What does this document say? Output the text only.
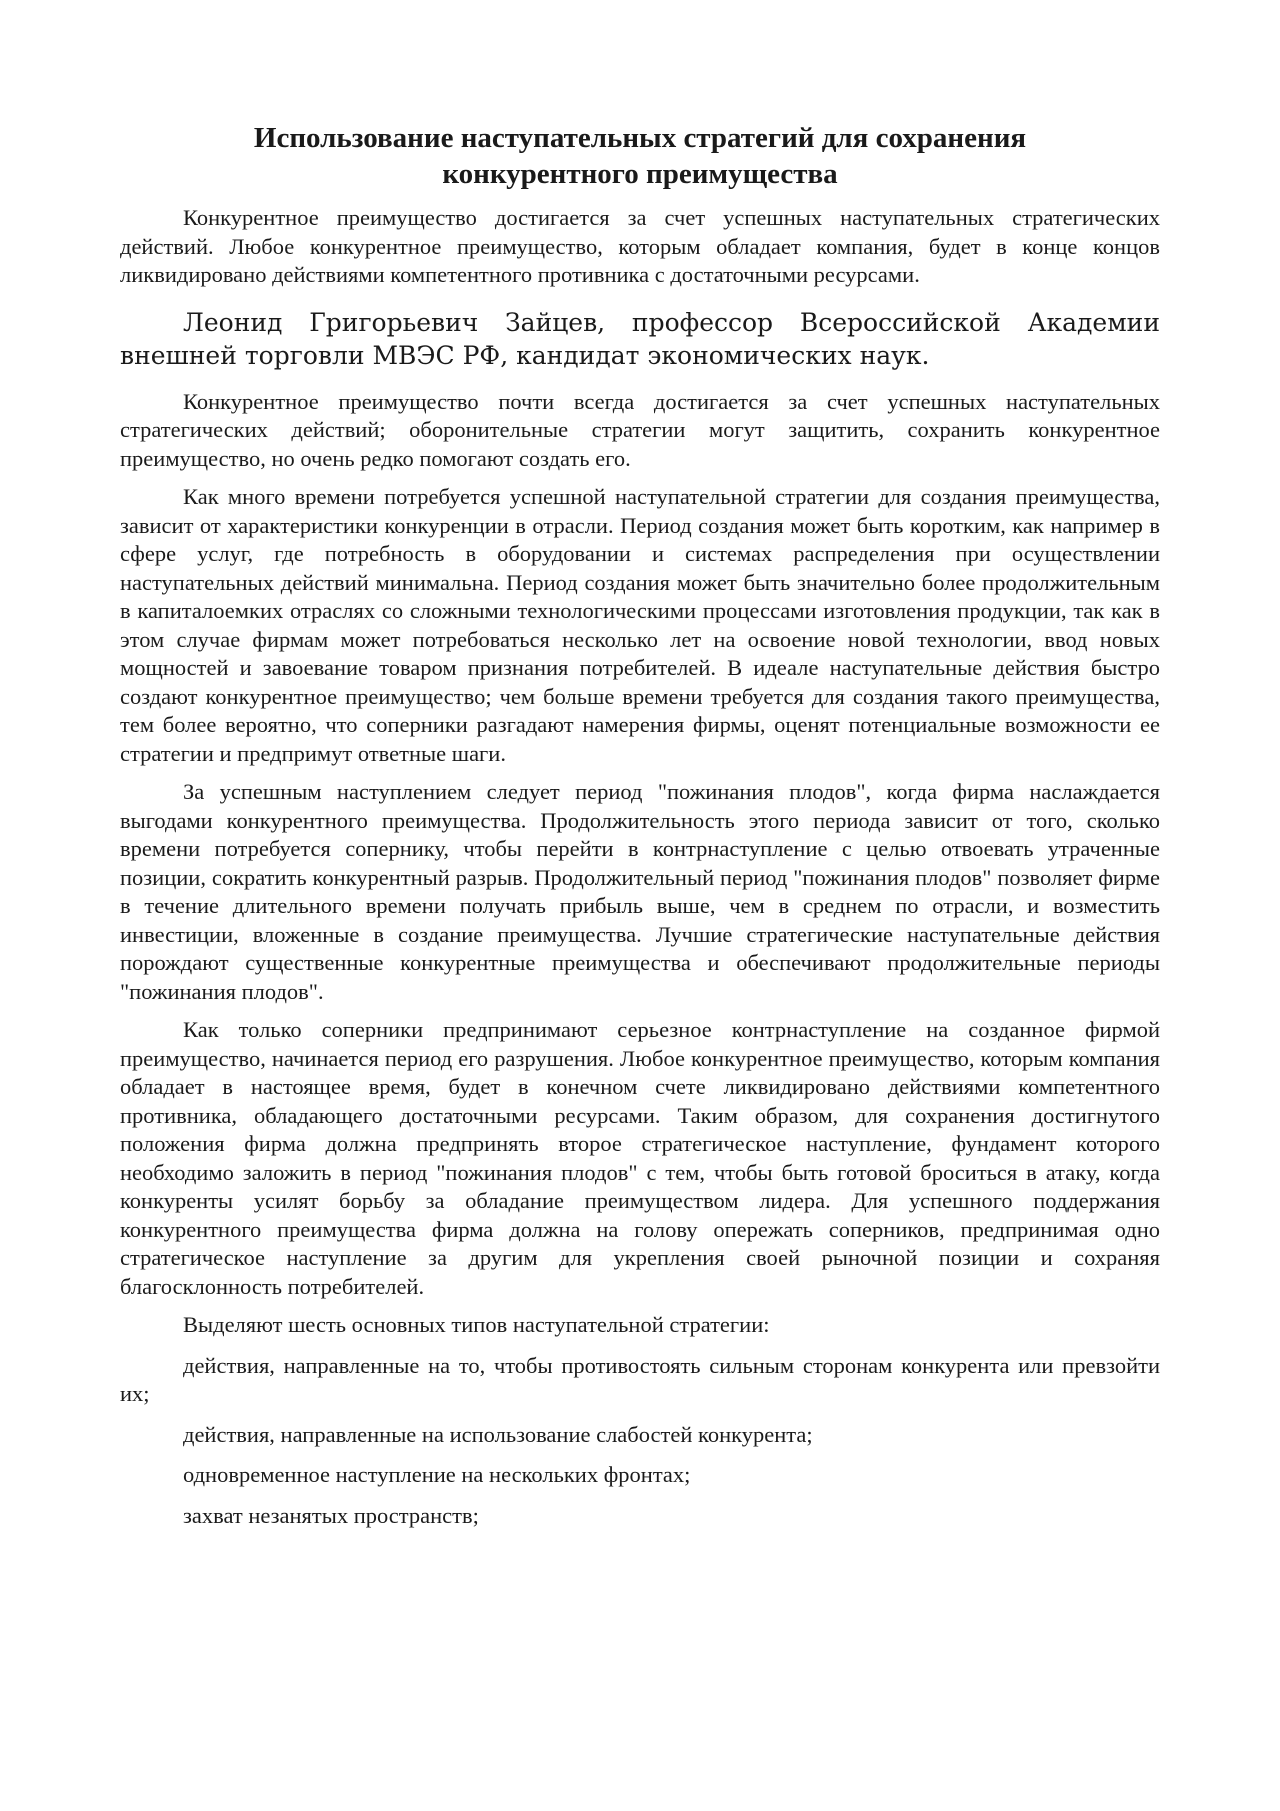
Использование наступательных стратегий для сохранения
конкурентного преимущества

Конкурентное преимущество достигается за счет успешных наступательных стратегических действий. Любое конкурентное преимущество, которым обладает компания, будет в конце концов ликвидировано действиями компетентного противника с достаточными ресурсами.

Леонид Григорьевич Зайцев, профессор Всероссийской Академии внешней торговли МВЭС РФ, кандидат экономических наук.

Конкурентное преимущество почти всегда достигается за счет успешных наступательных стратегических действий; оборонительные стратегии могут защитить, сохранить конкурентное преимущество, но очень редко помогают создать его.

Как много времени потребуется успешной наступательной стратегии для создания преимущества, зависит от характеристики конкуренции в отрасли. Период создания может быть коротким, как например в сфере услуг, где потребность в оборудовании и системах распределения при осуществлении наступательных действий минимальна. Период создания может быть значительно более продолжительным в капиталоемких отраслях со сложными технологическими процессами изготовления продукции, так как в этом случае фирмам может потребоваться несколько лет на освоение новой технологии, ввод новых мощностей и завоевание товаром признания потребителей. В идеале наступательные действия быстро создают конкурентное преимущество; чем больше времени требуется для создания такого преимущества, тем более вероятно, что соперники разгадают намерения фирмы, оценят потенциальные возможности ее стратегии и предпримут ответные шаги.

За успешным наступлением следует период "пожинания плодов", когда фирма наслаждается выгодами конкурентного преимущества. Продолжительность этого периода зависит от того, сколько времени потребуется сопернику, чтобы перейти в контрнаступление с целью отвоевать утраченные позиции, сократить конкурентный разрыв. Продолжительный период "пожинания плодов" позволяет фирме в течение длительного времени получать прибыль выше, чем в среднем по отрасли, и возместить инвестиции, вложенные в создание преимущества. Лучшие стратегические наступательные действия порождают существенные конкурентные преимущества и обеспечивают продолжительные периоды "пожинания плодов".

Как только соперники предпринимают серьезное контрнаступление на созданное фирмой преимущество, начинается период его разрушения. Любое конкурентное преимущество, которым компания обладает в настоящее время, будет в конечном счете ликвидировано действиями компетентного противника, обладающего достаточными ресурсами. Таким образом, для сохранения достигнутого положения фирма должна предпринять второе стратегическое наступление, фундамент которого необходимо заложить в период "пожинания плодов" с тем, чтобы быть готовой броситься в атаку, когда конкуренты усилят борьбу за обладание преимуществом лидера. Для успешного поддержания конкурентного преимущества фирма должна на голову опережать соперников, предпринимая одно стратегическое наступление за другим для укрепления своей рыночной позиции и сохраняя благосклонность потребителей.

Выделяют шесть основных типов наступательной стратегии:

действия, направленные на то, чтобы противостоять сильным сторонам конкурента или превзойти их;

действия, направленные на использование слабостей конкурента;

одновременное наступление на нескольких фронтах;

захват незанятых пространств;
